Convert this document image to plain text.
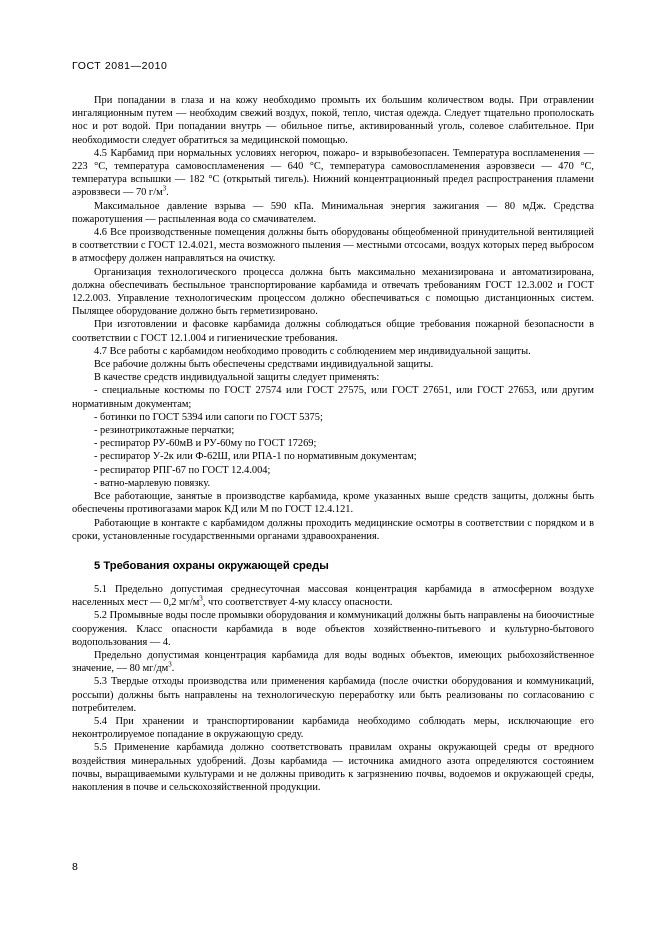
ГОСТ 2081—2010

При попадании в глаза и на кожу необходимо промыть их большим количеством воды. При отравлении ингаляционным путем — необходим свежий воздух, покой, тепло, чистая одежда. Следует тщательно прополоскать нос и рот водой. При попадании внутрь — обильное питье, активированный уголь, солевое слабительное. При необходимости следует обратиться за медицинской помощью.

4.5 Карбамид при нормальных условиях негорюч, пожаро- и взрывобезопасен. Температура воспламенения — 223 °С, температура самовоспламенения — 640 °С, температура самовоспламенения аэровзвеси — 470 °С, температура вспышки — 182 °С (открытый тигель). Нижний концентрационный предел распространения пламени аэровзвеси — 70 $г/м^3$.

Максимальное давление взрыва — 590 кПа. Минимальная энергия зажигания — 80 мДж. Средства пожаротушения — распыленная вода со смачивателем.

4.6 Все производственные помещения должны быть оборудованы общеобменной принудительной вентиляцией в соответствии с ГОСТ 12.4.021, места возможного пыления — местными отсосами, воздух которых перед выбросом в атмосферу должен направляться на очистку.

Организация технологического процесса должна быть максимально механизирована и автоматизирована, должна обеспечивать беспыльное транспортирование карбамида и отвечать требованиям ГОСТ 12.3.002 и ГОСТ 12.2.003. Управление технологическим процессом должно обеспечиваться с помощью дистанционных систем. Пылящее оборудование должно быть герметизировано.

При изготовлении и фасовке карбамида должны соблюдаться общие требования пожарной безопасности в соответствии с ГОСТ 12.1.004 и гигиенические требования.

4.7 Все работы с карбамидом необходимо проводить с соблюдением мер индивидуальной защиты.

Все рабочие должны быть обеспечены средствами индивидуальной защиты.

В качестве средств индивидуальной защиты следует применять:

- специальные костюмы по ГОСТ 27574 или ГОСТ 27575, или ГОСТ 27651, или ГОСТ 27653, или другим нормативным документам;

- ботинки по ГОСТ 5394 или сапоги по ГОСТ 5375;

- резинотрикотажные перчатки;

- респиратор РУ-60мВ и РУ-60му по ГОСТ 17269;

- респиратор У-2к или Ф-62Ш, или РПА-1 по нормативным документам;

- респиратор РПГ-67 по ГОСТ 12.4.004;

- ватно-марлевую повязку.

Все работающие, занятые в производстве карбамида, кроме указанных выше средств защиты, должны быть обеспечены противогазами марок КД или М по ГОСТ 12.4.121.

Работающие в контакте с карбамидом должны проходить медицинские осмотры в соответствии с порядком и в сроки, установленные государственными органами здравоохранения.

5 Требования охраны окружающей среды

5.1 Предельно допустимая среднесуточная массовая концентрация карбамида в атмосферном воздухе населенных мест — 0,2 $мг/м^3$, что соответствует 4-му классу опасности.

5.2 Промывные воды после промывки оборудования и коммуникаций должны быть направлены на биоочистные сооружения. Класс опасности карбамида в воде объектов хозяйственно-питьевого и культурно-бытового водопользования — 4.

Предельно допустимая концентрация карбамида для воды водных объектов, имеющих рыбохозяйственное значение, — 80 $мг/дм^3$.

5.3 Твердые отходы производства или применения карбамида (после очистки оборудования и коммуникаций, россыпи) должны быть направлены на технологическую переработку или быть реализованы по согласованию с потребителем.

5.4 При хранении и транспортировании карбамида необходимо соблюдать меры, исключающие его неконтролируемое попадание в окружающую среду.

5.5 Применение карбамида должно соответствовать правилам охраны окружающей среды от вредного воздействия минеральных удобрений. Дозы карбамида — источника амидного азота определяются состоянием почвы, выращиваемыми культурами и не должны приводить к загрязнению почвы, водоемов и окружающей среды, накопления в почве и сельскохозяйственной продукции.

8
